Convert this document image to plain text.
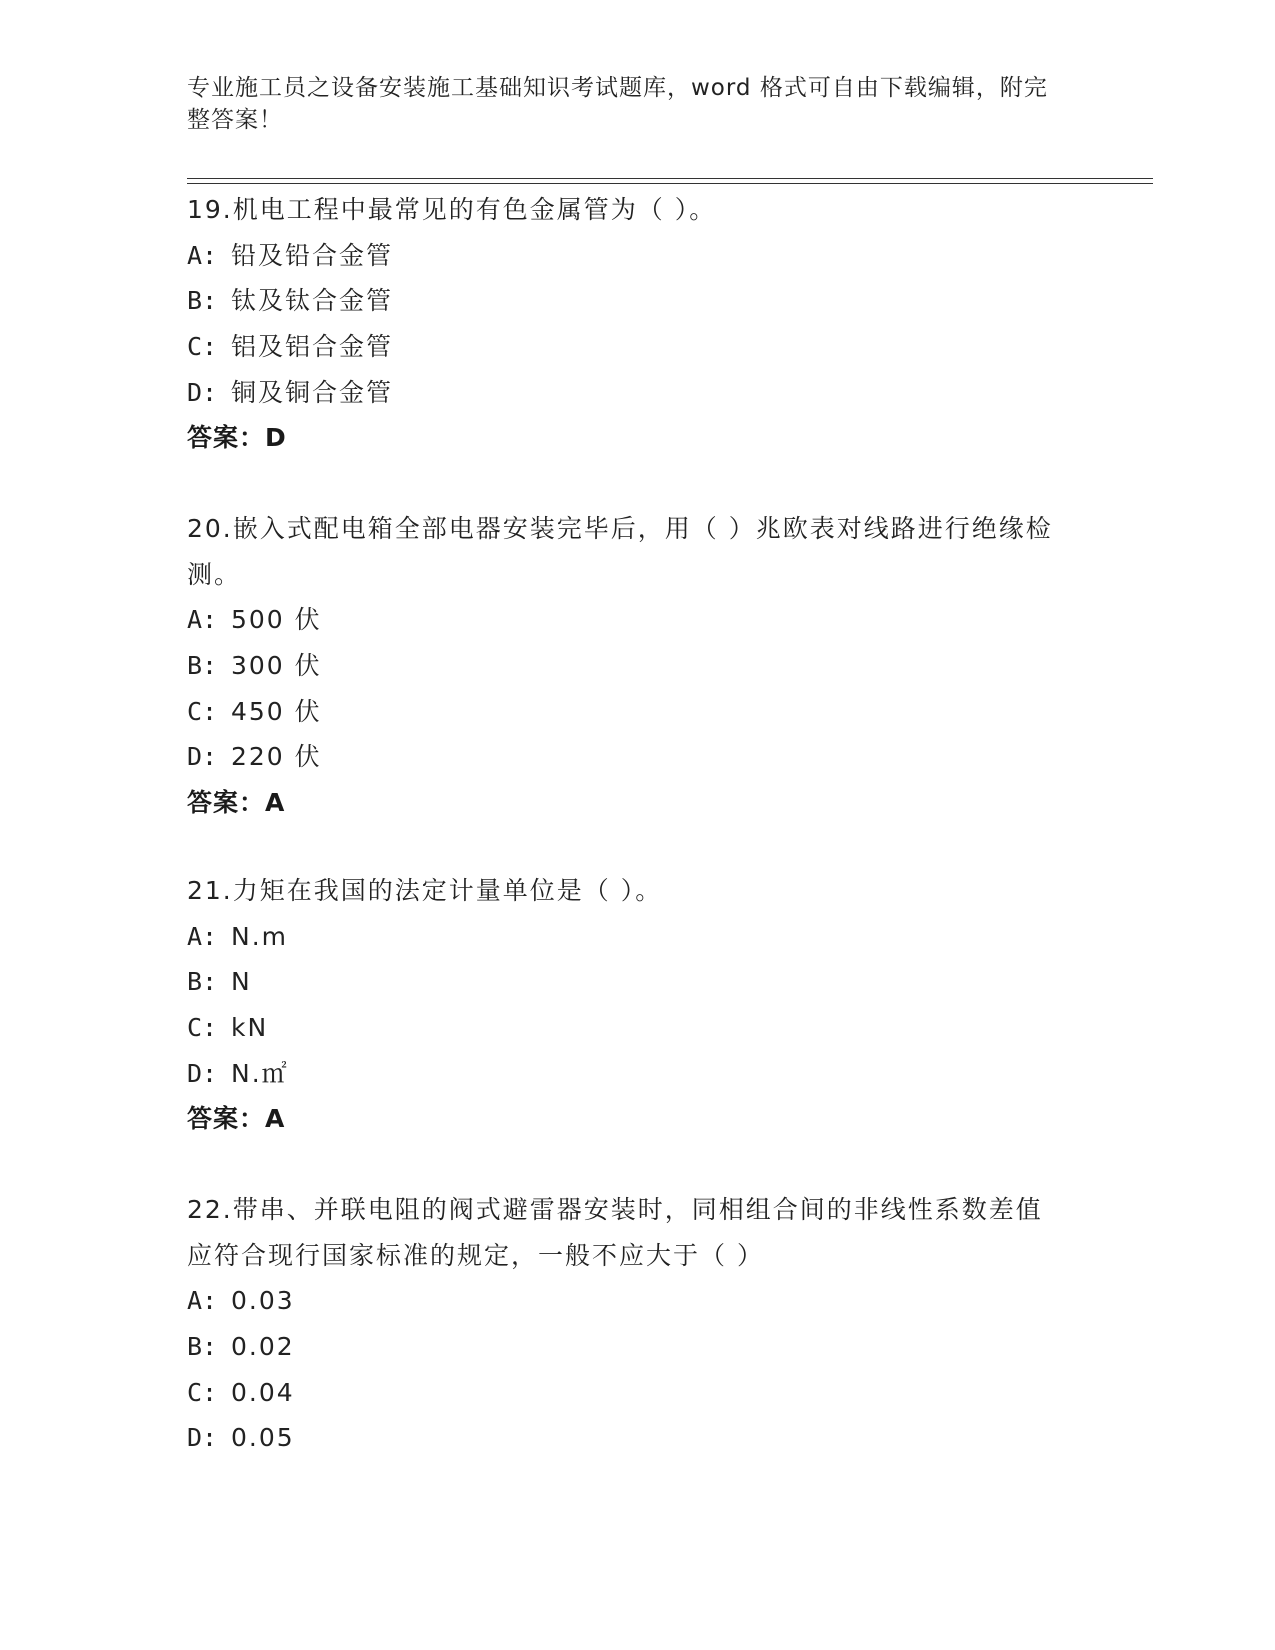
专业施工员之设备安装施工基础知识考试题库，word 格式可自由下载编辑，附完
整答案！
19.机电工程中最常见的有色金属管为（ ）。
A: 铅及铅合金管
B: 钛及钛合金管
C: 铝及铝合金管
D: 铜及铜合金管
答案：D
20.嵌入式配电箱全部电器安装完毕后，用（ ）兆欧表对线路进行绝缘检测。
A: 500 伏
B: 300 伏
C: 450 伏
D: 220 伏
答案：A
21.力矩在我国的法定计量单位是（ ）。
A: N.m
B: N
C: kN
D: N.㎡
答案：A
22.带串、并联电阻的阀式避雷器安装时，同相组合间的非线性系数差值应符合现行国家标准的规定，一般不应大于（ ）
A: 0.03
B: 0.02
C: 0.04
D: 0.05
